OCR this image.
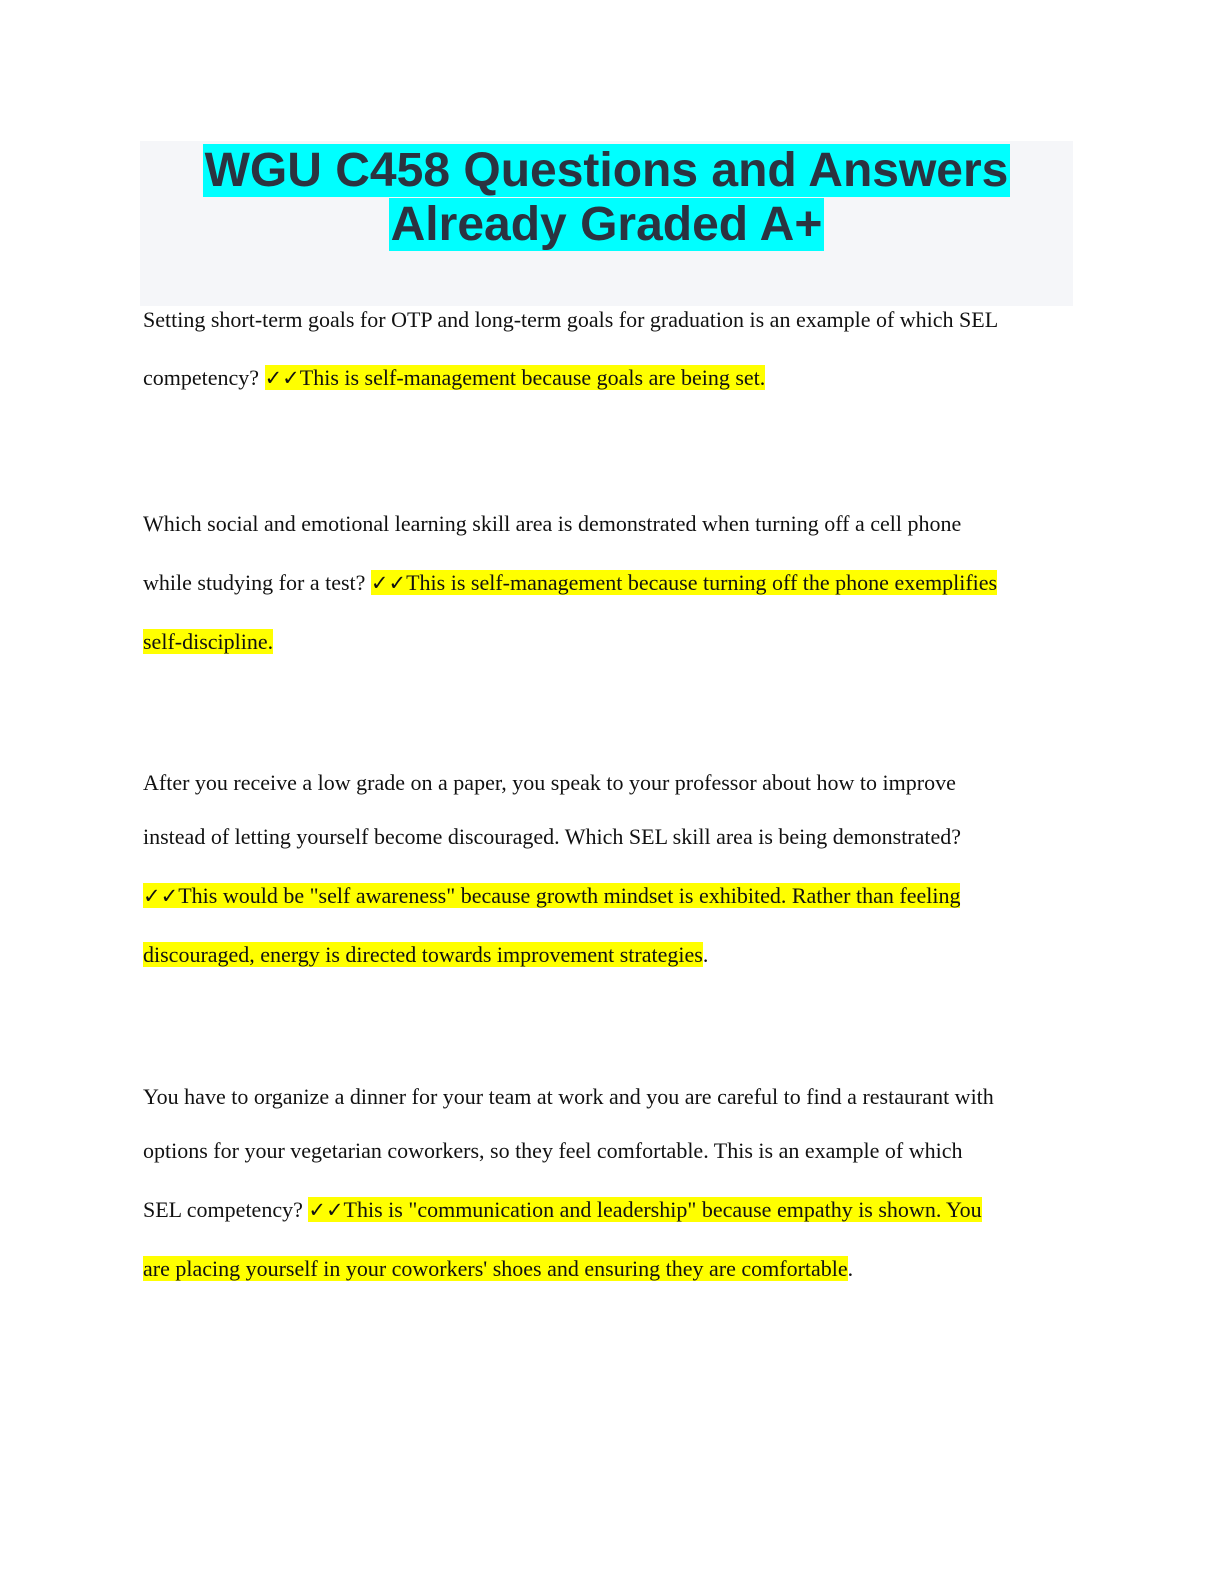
WGU C458 Questions and Answers
Already Graded A+
Setting short-term goals for OTP and long-term goals for graduation is an example of which SEL
competency? ✓✓This is self-management because goals are being set.
Which social and emotional learning skill area is demonstrated when turning off a cell phone
while studying for a test? ✓✓This is self-management because turning off the phone exemplifies
self-discipline.
After you receive a low grade on a paper, you speak to your professor about how to improve
instead of letting yourself become discouraged. Which SEL skill area is being demonstrated?
✓✓This would be "self awareness" because growth mindset is exhibited. Rather than feeling
discouraged, energy is directed towards improvement strategies.
You have to organize a dinner for your team at work and you are careful to find a restaurant with
options for your vegetarian coworkers, so they feel comfortable. This is an example of which
SEL competency? ✓✓This is "communication and leadership" because empathy is shown. You
are placing yourself in your coworkers' shoes and ensuring they are comfortable.
